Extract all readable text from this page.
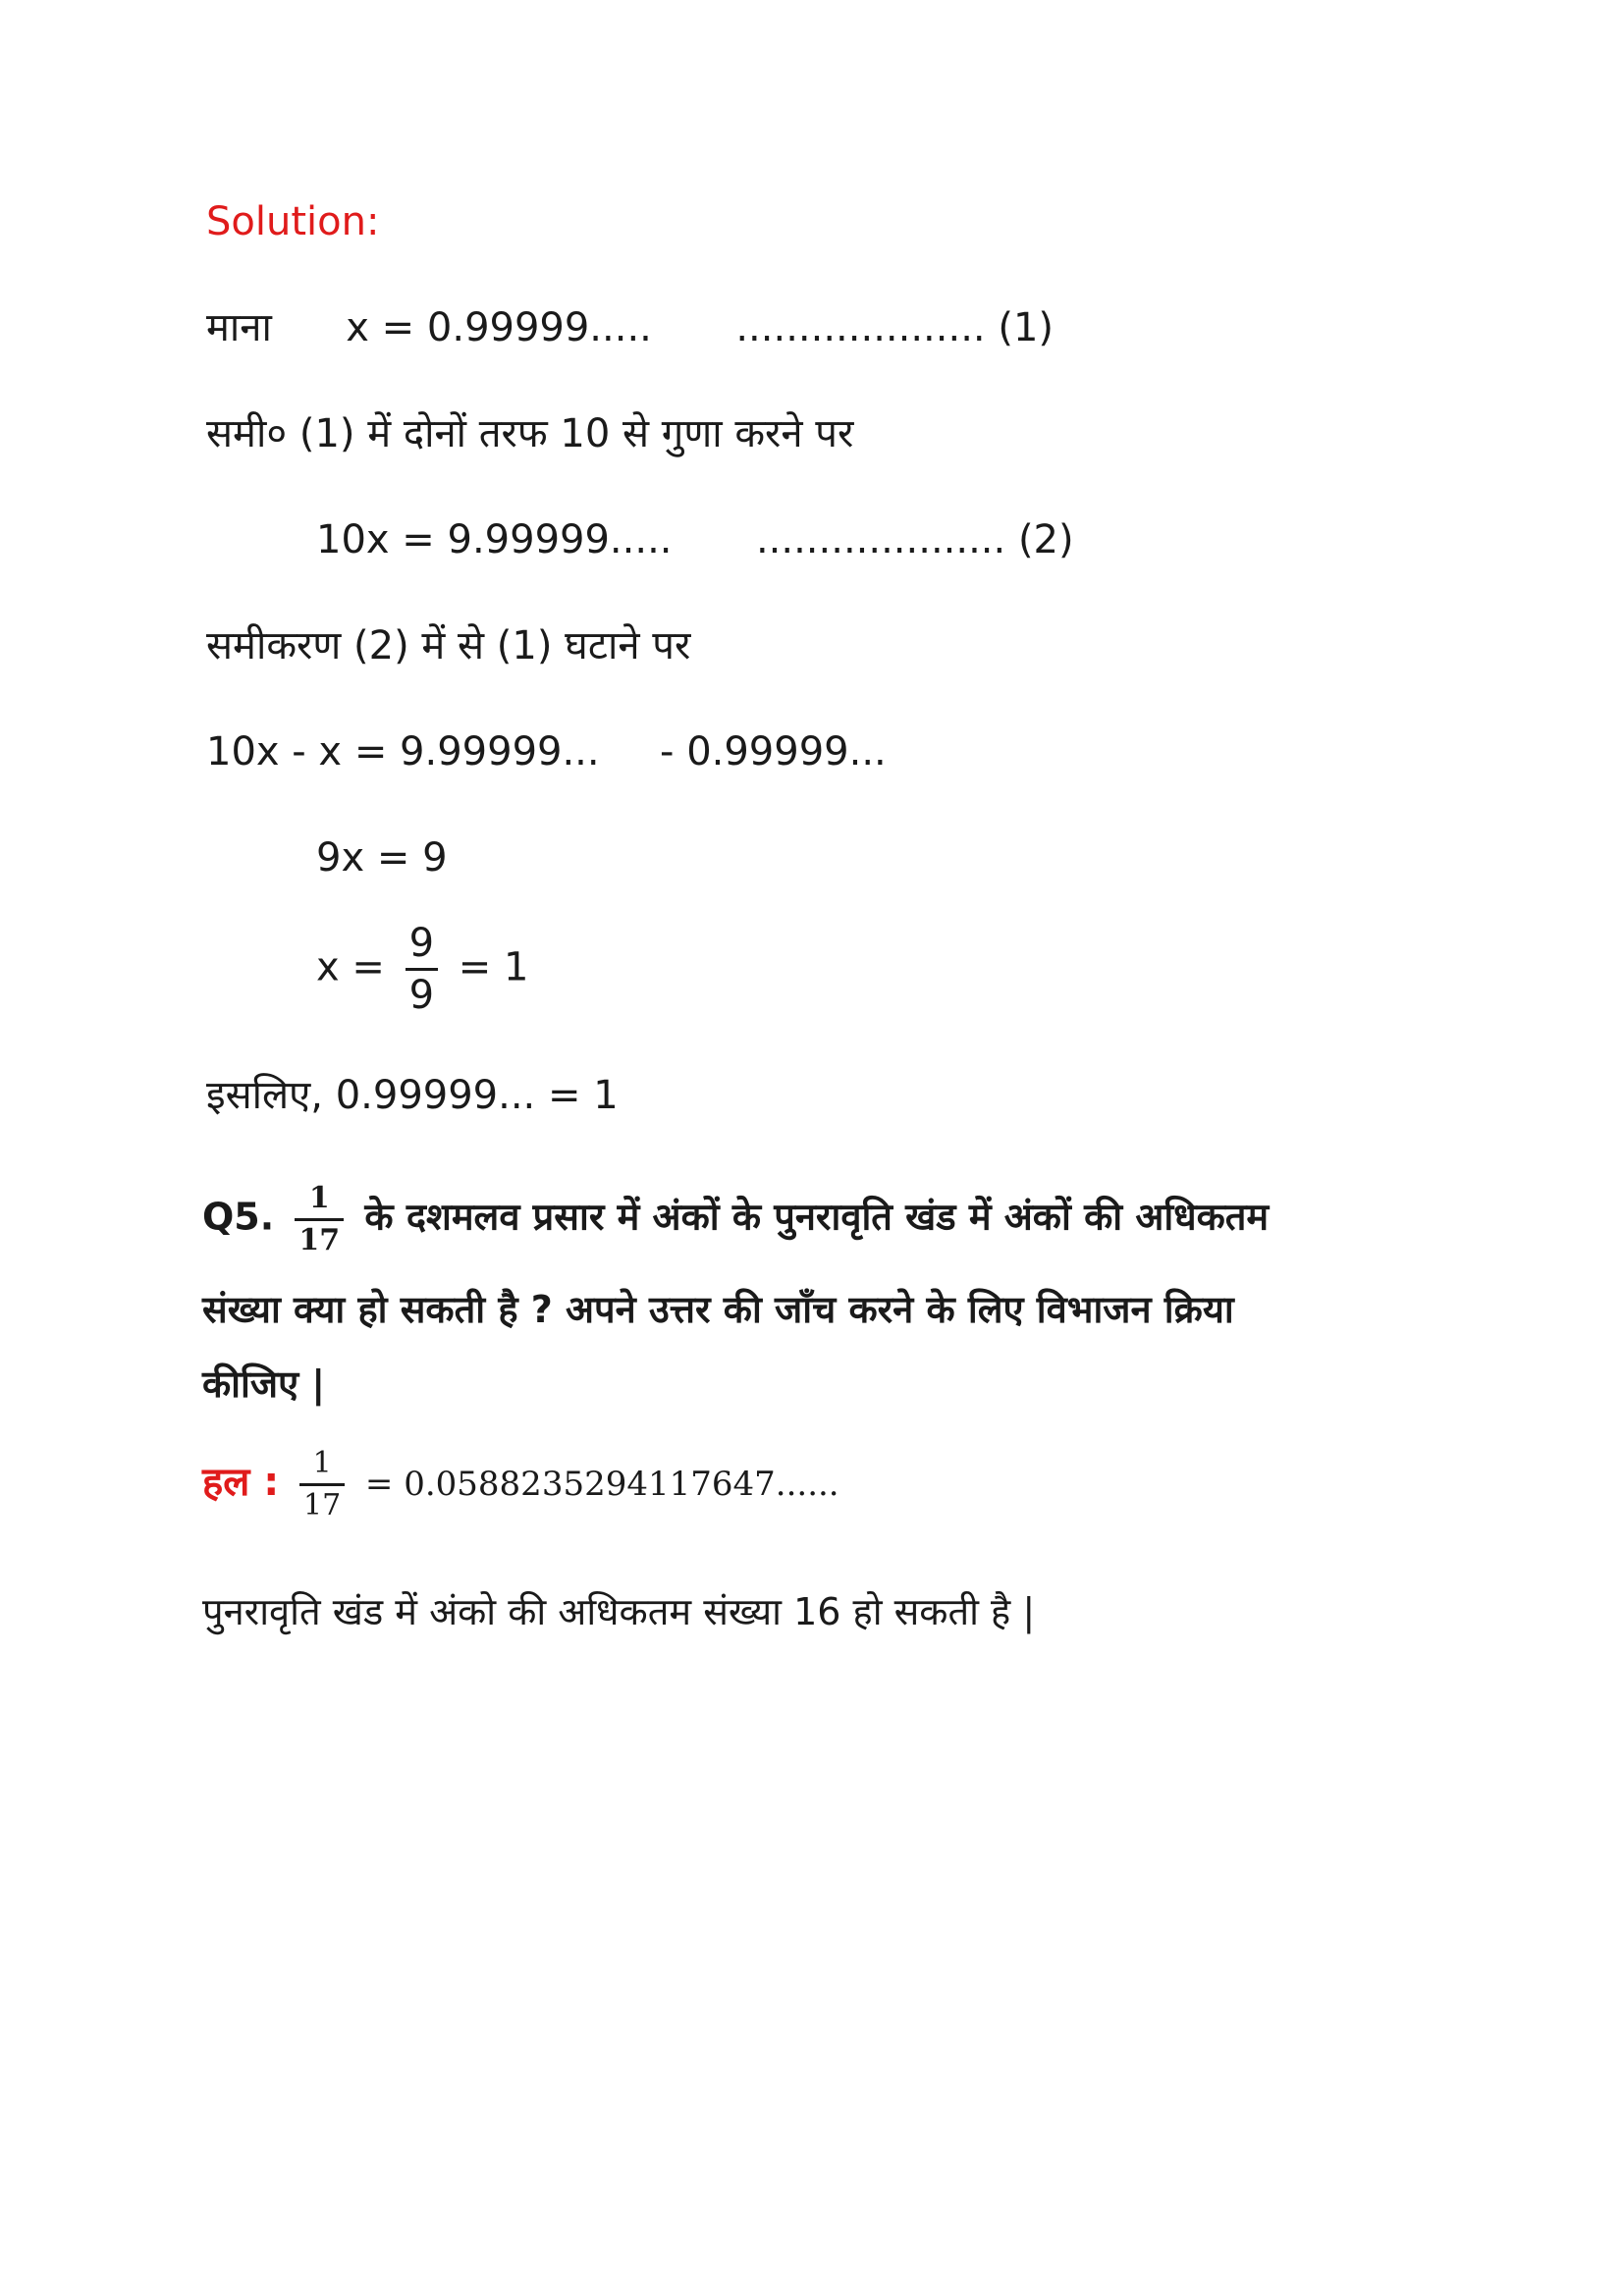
Solution:
माना x = 0.99999..... .................... (1)
समी० (1) में दोनों तरफ 10 से गुणा करने पर
10x = 9.99999..... .................... (2)
समीकरण (2) में से (1) घटाने पर
10x - x = 9.99999... - 0.99999...
9x = 9
$x = \frac{9}{9} = 1$
इसलिए, 0.99999... = 1
Q5. $\frac{1}{17}$ के दशमलव प्रसार में अंकों के पुनरावृति खंड में अंकों की अधिकतम
संख्या क्या हो सकती है ? अपने उत्तर की जाँच करने के लिए विभाजन क्रिया
कीजिए |
हल : $\frac{1}{17} = 0.0588235294117647$......
पुनरावृति खंड में अंको की अधिकतम संख्या 16 हो सकती है |
